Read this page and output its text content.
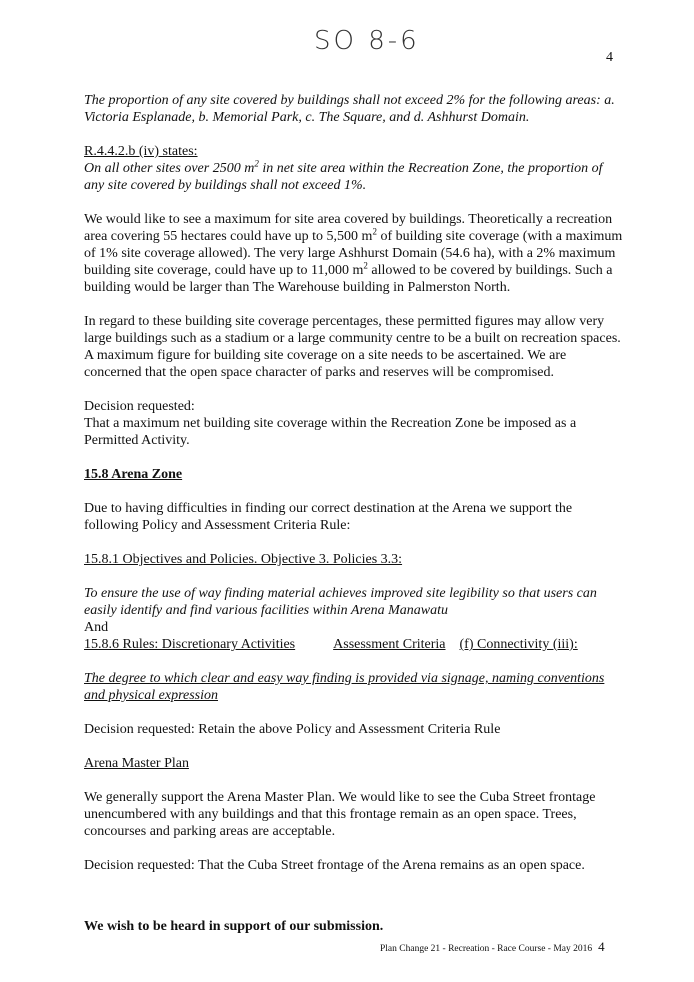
SO 8-6
4

The proportion of any site covered by buildings shall not exceed 2% for the following areas: a. Victoria Esplanade, b. Memorial Park, c. The Square, and d. Ashhurst Domain.

R.4.4.2.b (iv) states:

On all other sites over 2500 $m^2$ in net site area within the Recreation Zone, the proportion of any site covered by buildings shall not exceed 1%.

We would like to see a maximum for site area covered by buildings. Theoretically a recreation area covering 55 hectares could have up to 5,500 $m^2$ of building site coverage (with a maximum of 1% site coverage allowed). The very large Ashhurst Domain (54.6 ha), with a 2% maximum building site coverage, could have up to 11,000 $m^2$ allowed to be covered by buildings. Such a building would be larger than The Warehouse building in Palmerston North.

In regard to these building site coverage percentages, these permitted figures may allow very large buildings such as a stadium or a large community centre to be a built on recreation spaces. A maximum figure for building site coverage on a site needs to be ascertained. We are concerned that the open space character of parks and reserves will be compromised.

Decision requested:

That a maximum net building site coverage within the Recreation Zone be imposed as a Permitted Activity.

15.8 Arena Zone

Due to having difficulties in finding our correct destination at the Arena we support the following Policy and Assessment Criteria Rule:

15.8.1 Objectives and Policies. Objective 3. Policies 3.3:

To ensure the use of way finding material achieves improved site legibility so that users can easily identify and find various facilities within Arena Manawatu

And

15.8.6 Rules: Discretionary Activities	Assessment Criteria (f) Connectivity (iii):

The degree to which clear and easy way finding is provided via signage, naming conventions and physical expression

Decision requested: Retain the above Policy and Assessment Criteria Rule

Arena Master Plan

We generally support the Arena Master Plan. We would like to see the Cuba Street frontage unencumbered with any buildings and that this frontage remain as an open space. Trees, concourses and parking areas are acceptable.

Decision requested: That the Cuba Street frontage of the Arena remains as an open space.

We wish to be heard in support of our submission.

Plan Change 21 - Recreation - Race Course - May 2016 4
